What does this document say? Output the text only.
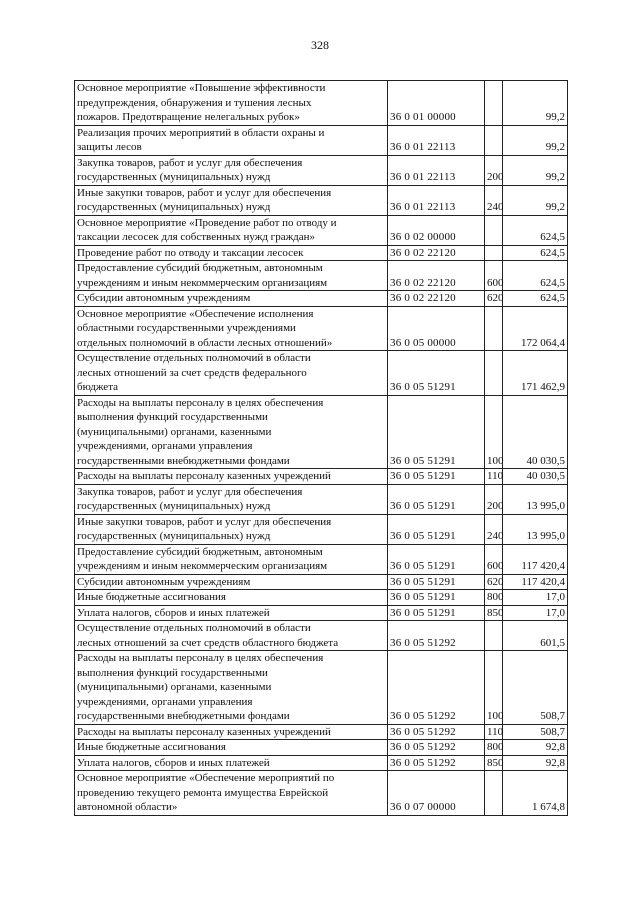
328
Основное мероприятие «Повышение эффективности
предупреждения, обнаружения и тушения лесных
пожаров. Предотвращение нелегальных рубок»	36 0 01 00000		99,2

Реализация прочих мероприятий в области охраны и
защиты лесов	36 0 01 22113		99,2

Закупка товаров, работ и услуг для обеспечения
государственных (муниципальных) нужд	36 0 01 22113	200	99,2

Иные закупки товаров, работ и услуг для обеспечения
государственных (муниципальных) нужд	36 0 01 22113	240	99,2

Основное мероприятие «Проведение работ по отводу и
таксации лесосек для собственных нужд граждан»	36 0 02 00000		624,5

Проведение работ по отводу и таксации лесосек	36 0 02 22120		624,5

Предоставление субсидий бюджетным, автономным
учреждениям и иным некоммерческим организациям	36 0 02 22120	600	624,5

Субсидии автономным учреждениям	36 0 02 22120	620	624,5

Основное мероприятие «Обеспечение исполнения
областными государственными учреждениями
отдельных полномочий в области лесных отношений»	36 0 05 00000		172 064,4

Осуществление отдельных полномочий в области
лесных отношений за счет средств федерального
бюджета	36 0 05 51291		171 462,9

Расходы на выплаты персоналу в целях обеспечения
выполнения функций государственными
(муниципальными) органами, казенными
учреждениями, органами управления
государственными внебюджетными фондами	36 0 05 51291	100	40 030,5

Расходы на выплаты персоналу казенных учреждений	36 0 05 51291	110	40 030,5

Закупка товаров, работ и услуг для обеспечения
государственных (муниципальных) нужд	36 0 05 51291	200	13 995,0

Иные закупки товаров, работ и услуг для обеспечения
государственных (муниципальных) нужд	36 0 05 51291	240	13 995,0

Предоставление субсидий бюджетным, автономным
учреждениям и иным некоммерческим организациям	36 0 05 51291	600	117 420,4

Субсидии автономным учреждениям	36 0 05 51291	620	117 420,4

Иные бюджетные ассигнования	36 0 05 51291	800	17,0

Уплата налогов, сборов и иных платежей	36 0 05 51291	850	17,0

Осуществление отдельных полномочий в области
лесных отношений за счет средств областного бюджета	36 0 05 51292		601,5

Расходы на выплаты персоналу в целях обеспечения
выполнения функций государственными
(муниципальными) органами, казенными
учреждениями, органами управления
государственными внебюджетными фондами	36 0 05 51292	100	508,7

Расходы на выплаты персоналу казенных учреждений	36 0 05 51292	110	508,7

Иные бюджетные ассигнования	36 0 05 51292	800	92,8

Уплата налогов, сборов и иных платежей	36 0 05 51292	850	92,8

Основное мероприятие «Обеспечение мероприятий по
проведению текущего ремонта имущества Еврейской
автономной области»	36 0 07 00000		1 674,8
